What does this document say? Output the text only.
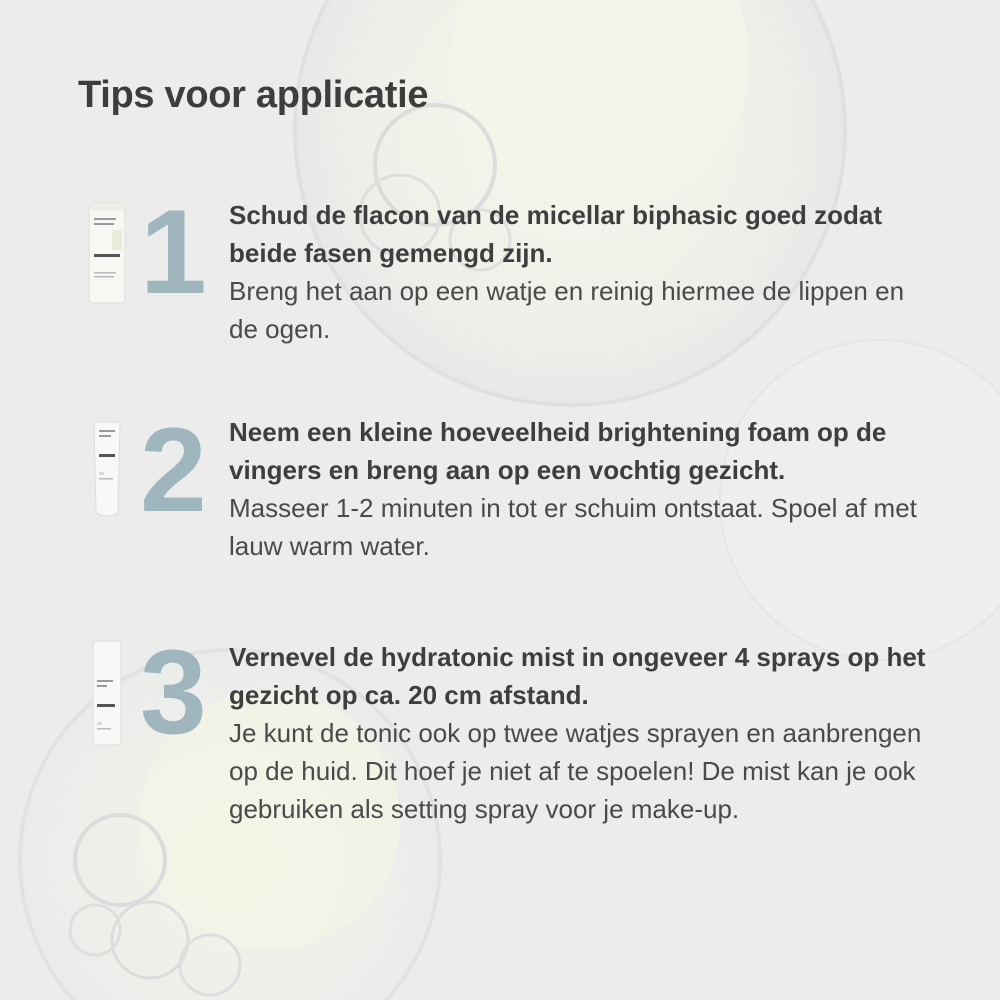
Tips voor applicatie
1 Schud de flacon van de micellar biphasic goed zodat beide fasen gemengd zijn.
Breng het aan op een watje en reinig hiermee de lippen en de ogen.
2 Neem een kleine hoeveelheid brightening foam op de vingers en breng aan op een vochtig gezicht.
Masseer 1-2 minuten in tot er schuim ontstaat. Spoel af met lauw warm water.
3 Vernevel de hydratonic mist in ongeveer 4 sprays op het gezicht op ca. 20 cm afstand.
Je kunt de tonic ook op twee watjes sprayen en aanbrengen op de huid. Dit hoef je niet af te spoelen! De mist kan je ook gebruiken als setting spray voor je make-up.
